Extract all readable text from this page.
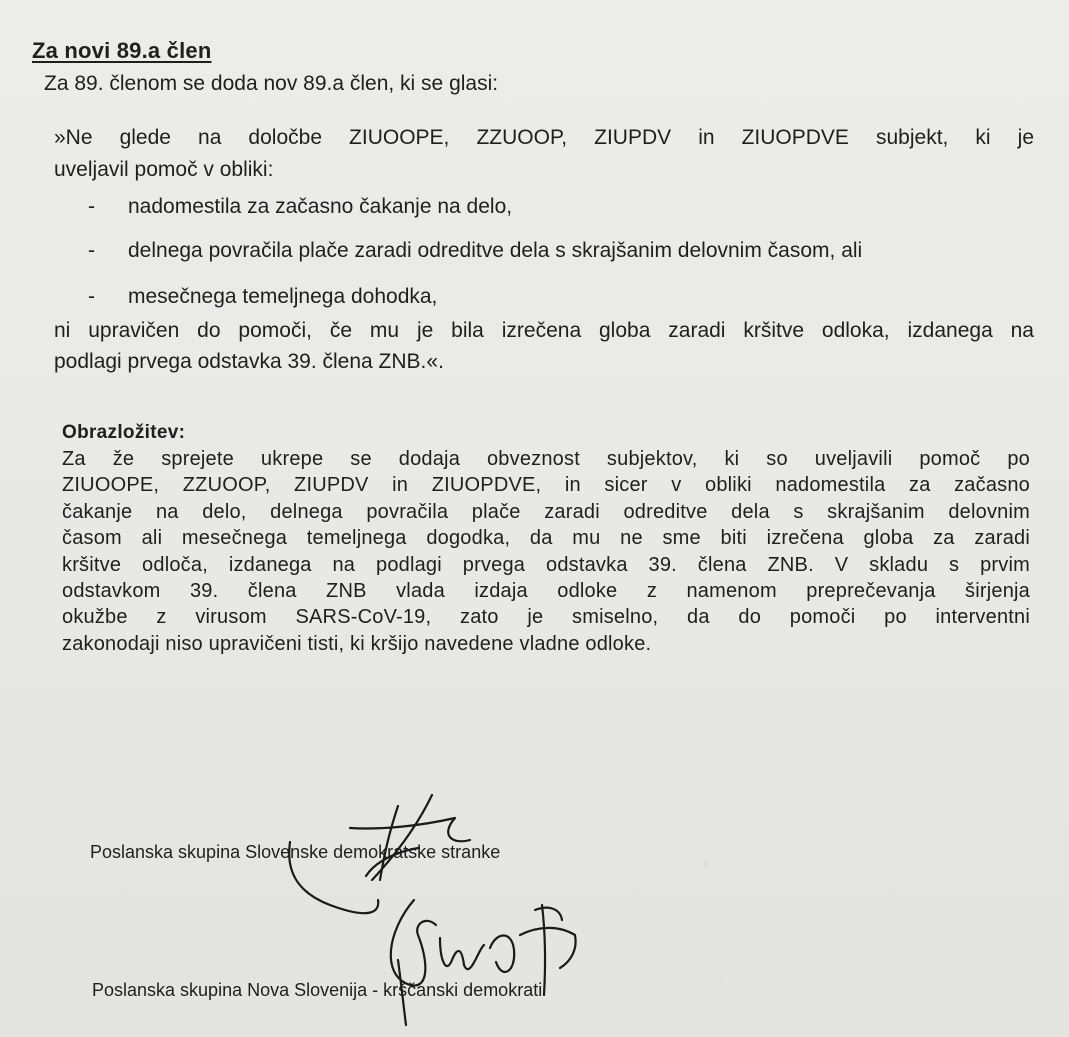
Za novi 89.a člen
Za 89. členom se doda nov 89.a člen, ki se glasi:
»Ne glede na določbe ZIUOOPE, ZZUOOP, ZIUPDV in ZIUOPDVE subjekt, ki je
uveljavil pomoč v obliki:
- nadomestila za začasno čakanje na delo,
- delnega povračila plače zaradi odreditve dela s skrajšanim delovnim časom, ali
- mesečnega temeljnega dohodka,
ni upravičen do pomoči, če mu je bila izrečena globa zaradi kršitve odloka, izdanega na
podlagi prvega odstavka 39. člena ZNB.«.
Obrazložitev:
Za že sprejete ukrepe se dodaja obveznost subjektov, ki so uveljavili pomoč po
ZIUOOPE, ZZUOOP, ZIUPDV in ZIUOPDVE, in sicer v obliki nadomestila za začasno
čakanje na delo, delnega povračila plače zaradi odreditve dela s skrajšanim delovnim
časom ali mesečnega temeljnega dogodka, da mu ne sme biti izrečena globa za zaradi
kršitve odloča, izdanega na podlagi prvega odstavka 39. člena ZNB. V skladu s prvim
odstavkom 39. člena ZNB vlada izdaja odloke z namenom preprečevanja širjenja
okužbe z virusom SARS-CoV-19, zato je smiselno, da do pomoči po interventni
zakonodaji niso upravičeni tisti, ki kršijo navedene vladne odloke.
Poslanska skupina Slovenske demokratske stranke
Poslanska skupina Nova Slovenija - krščanski demokrati
